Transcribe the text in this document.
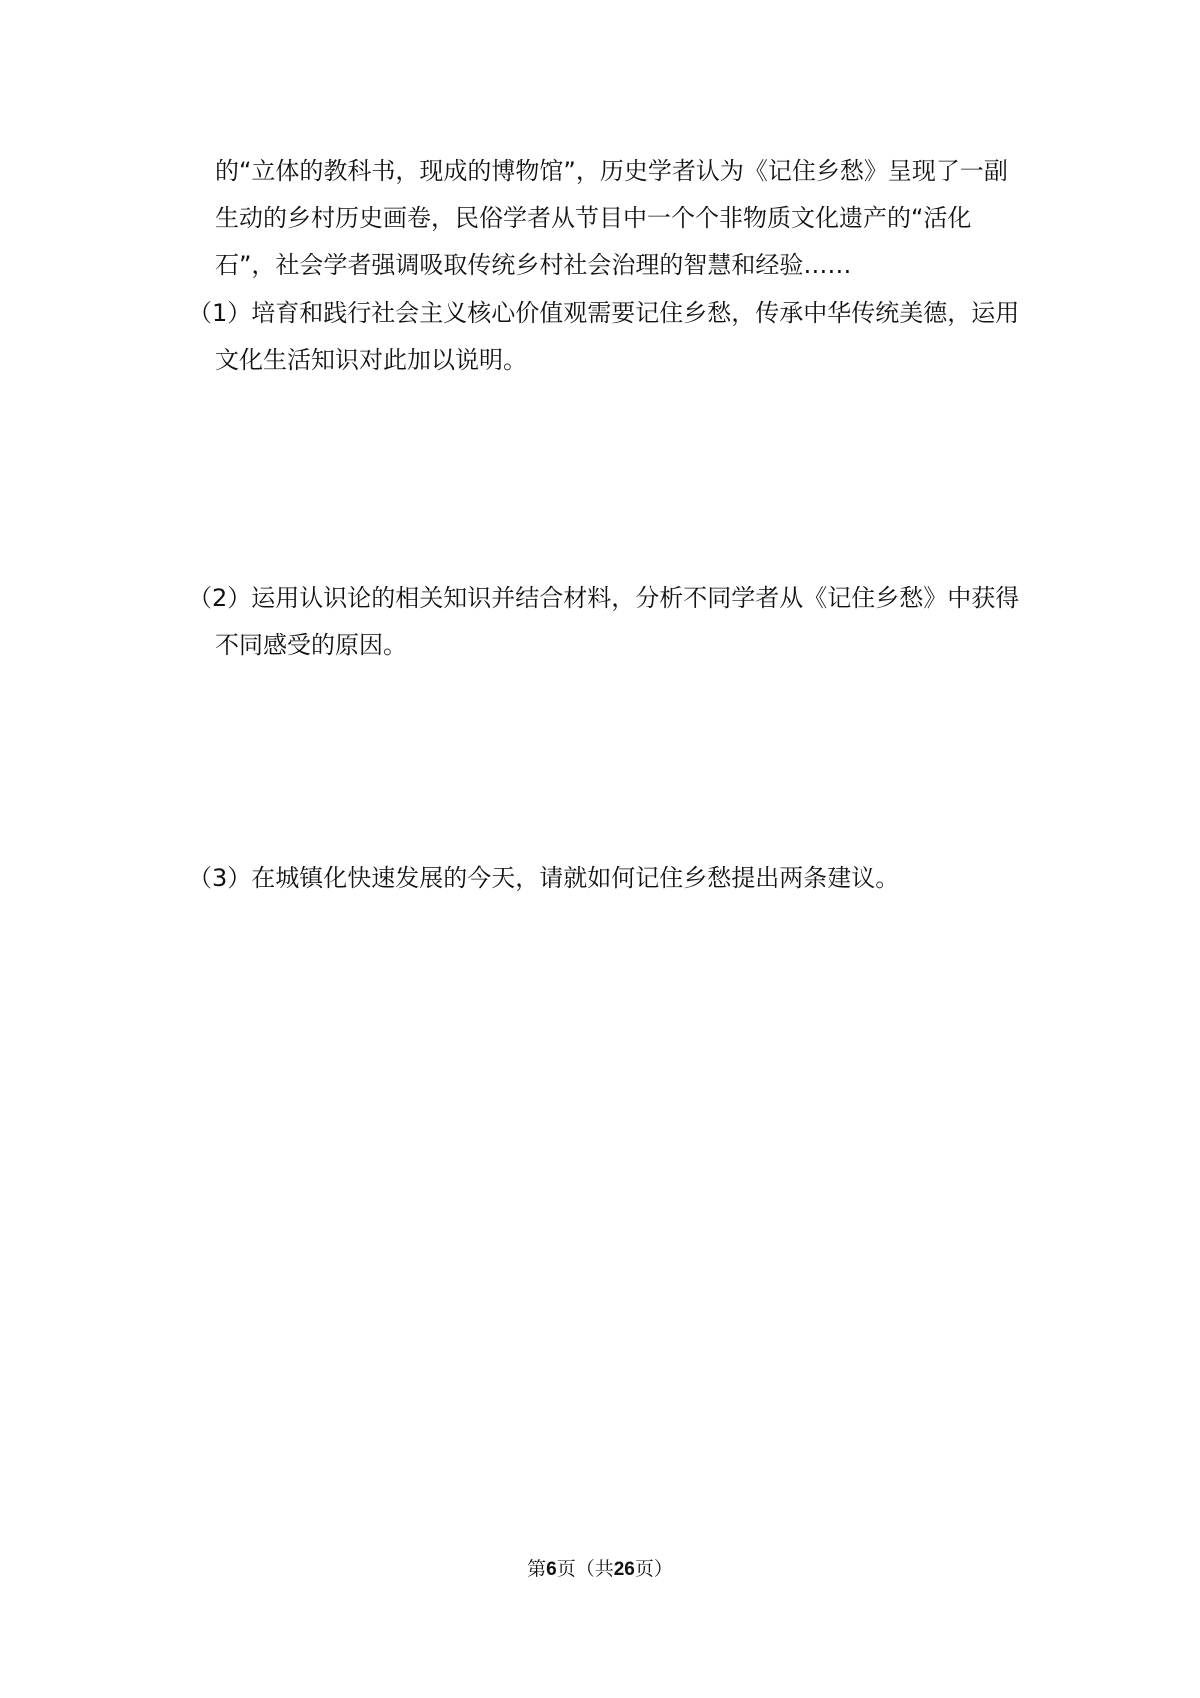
的“立体的教科书，现成的博物馆”，历史学者认为《记住乡愁》呈现了一副
生动的乡村历史画卷，民俗学者从节目中一个个非物质文化遗产的“活化
石”，社会学者强调吸取传统乡村社会治理的智慧和经验……
（1）培育和践行社会主义核心价值观需要记住乡愁，传承中华传统美德，运用
文化生活知识对此加以说明。
（2）运用认识论的相关知识并结合材料，分析不同学者从《记住乡愁》中获得
不同感受的原因。
（3）在城镇化快速发展的今天，请就如何记住乡愁提出两条建议。
第6页（共26页）
